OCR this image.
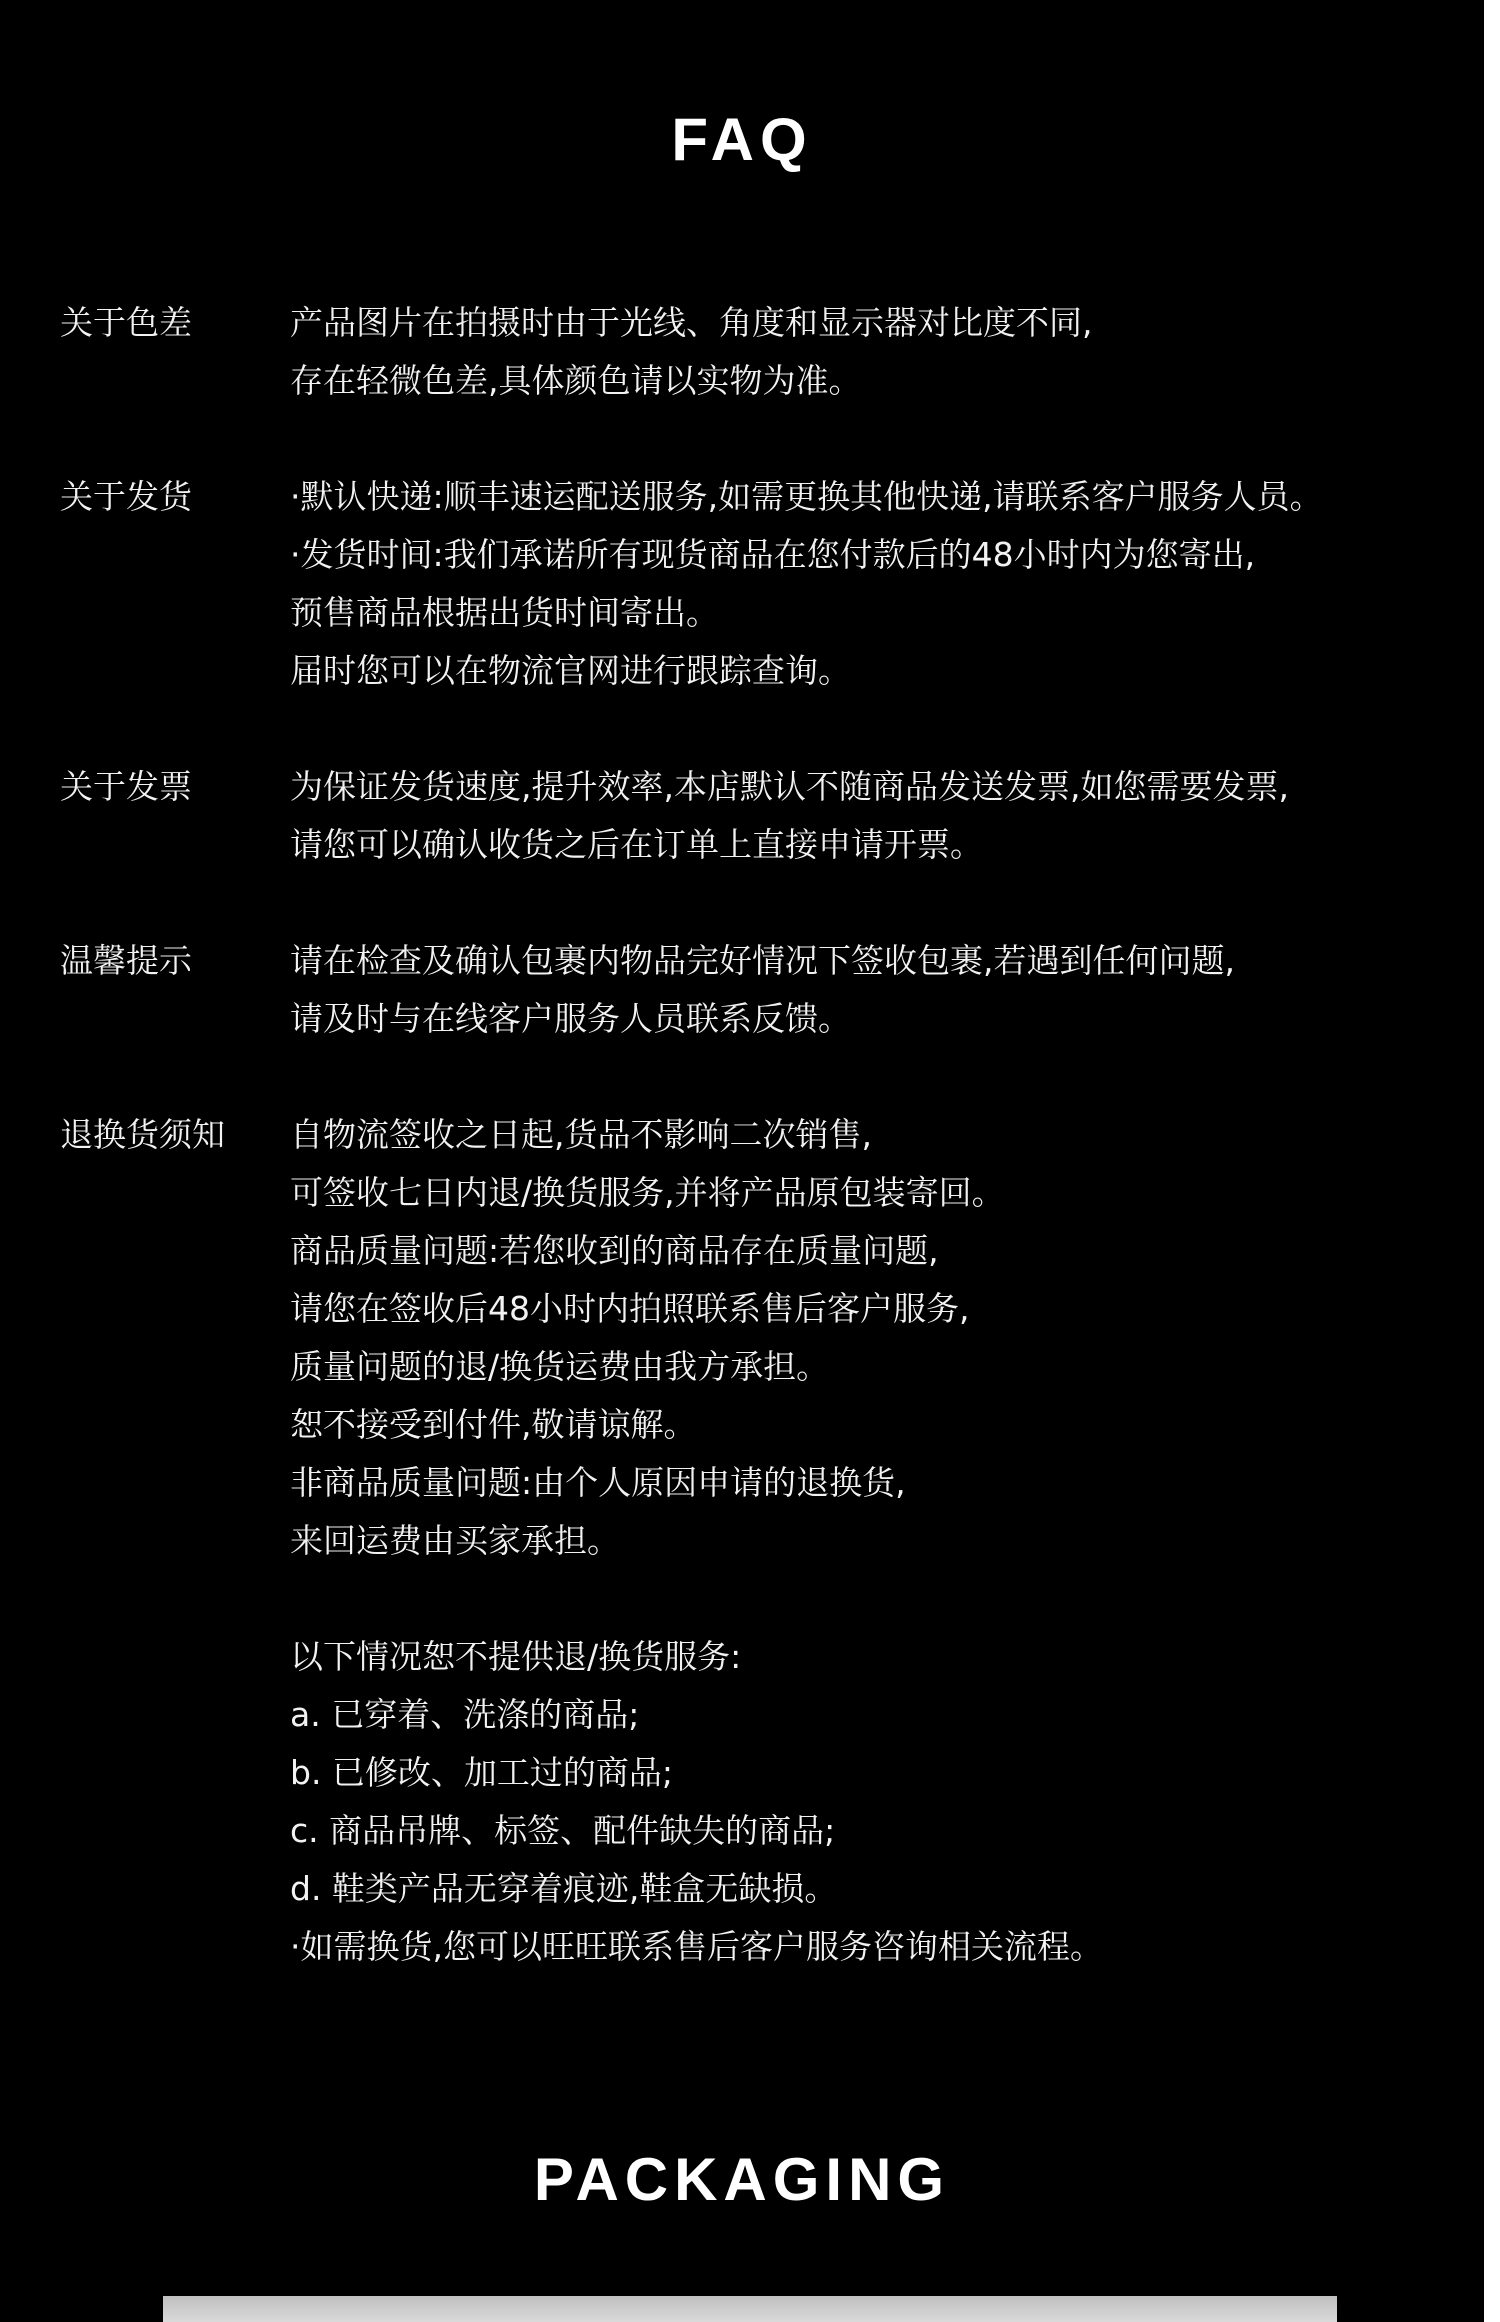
FAQ
关于色差	产品图片在拍摄时由于光线、角度和显示器对比度不同,
存在轻微色差,具体颜色请以实物为准。
关于发货	·默认快递:顺丰速运配送服务,如需更换其他快递,请联系客户服务人员。
·发货时间:我们承诺所有现货商品在您付款后的48小时内为您寄出,
预售商品根据出货时间寄出。
届时您可以在物流官网进行跟踪查询。
关于发票	为保证发货速度,提升效率,本店默认不随商品发送发票,如您需要发票,
请您可以确认收货之后在订单上直接申请开票。
温馨提示	请在检查及确认包裹内物品完好情况下签收包裹,若遇到任何问题,
请及时与在线客户服务人员联系反馈。
退换货须知	自物流签收之日起,货品不影响二次销售,
可签收七日内退/换货服务,并将产品原包装寄回。
商品质量问题:若您收到的商品存在质量问题,
请您在签收后48小时内拍照联系售后客户服务,
质量问题的退/换货运费由我方承担。
恕不接受到付件,敬请谅解。
非商品质量问题:由个人原因申请的退换货,
来回运费由买家承担。
以下情况恕不提供退/换货服务:
a. 已穿着、洗涤的商品;
b. 已修改、加工过的商品;
c. 商品吊牌、标签、配件缺失的商品;
d. 鞋类产品无穿着痕迹,鞋盒无缺损。
·如需换货,您可以旺旺联系售后客户服务咨询相关流程。
PACKAGING
